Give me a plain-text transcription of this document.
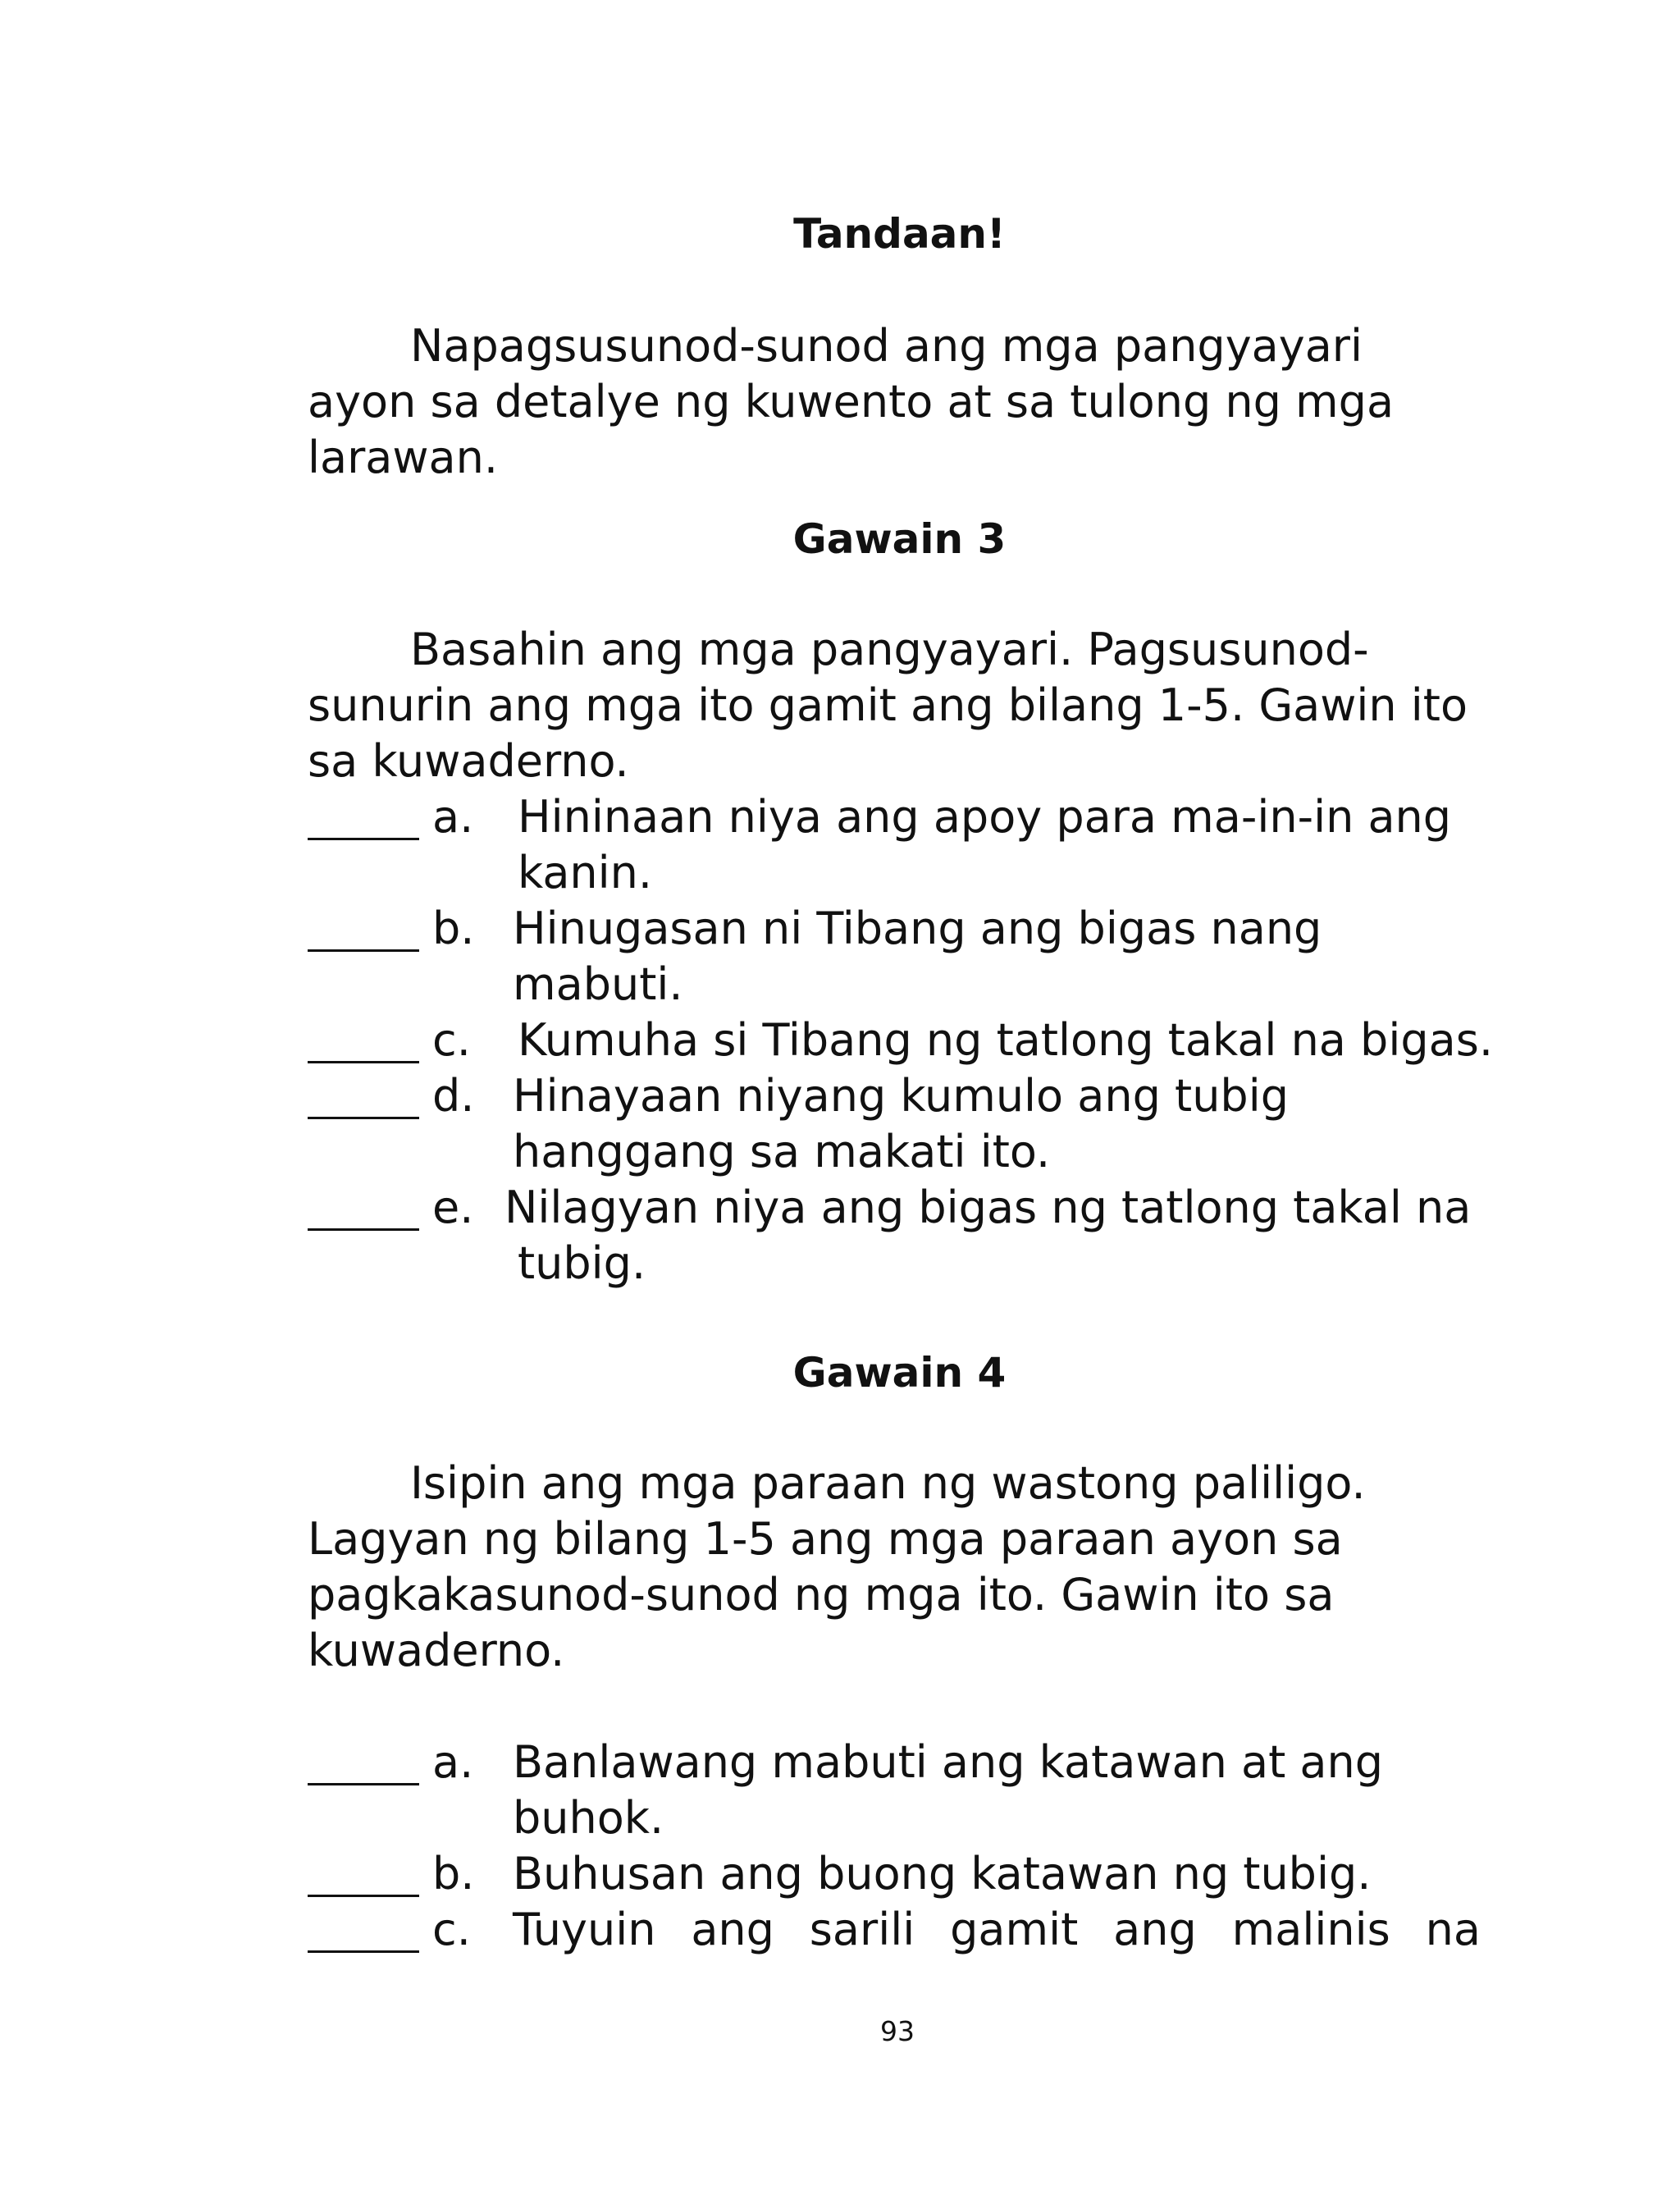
Tandaan!
Napagsusunod-sunod ang mga pangyayari
ayon sa detalye ng kuwento at sa tulong ng mga
larawan.
Gawain 3
Basahin ang mga pangyayari. Pagsusunod-
sunurin ang mga ito gamit ang bilang 1-5. Gawin ito
sa kuwaderno.
a. Hininaan niya ang apoy para ma-in-in ang
kanin.
b. Hinugasan ni Tibang ang bigas nang
mabuti.
c. Kumuha si Tibang ng tatlong takal na bigas.
d. Hinayaan niyang kumulo ang tubig
hanggang sa makati ito.
e. Nilagyan niya ang bigas ng tatlong takal na
tubig.
Gawain 4
Isipin ang mga paraan ng wastong paliligo.
Lagyan ng bilang 1-5 ang mga paraan ayon sa
pagkakasunod-sunod ng mga ito. Gawin ito sa
kuwaderno.
a. Banlawang mabuti ang katawan at ang
buhok.
b. Buhusan ang buong katawan ng tubig.
c. Tuyuin ang sarili gamit ang malinis na

93
